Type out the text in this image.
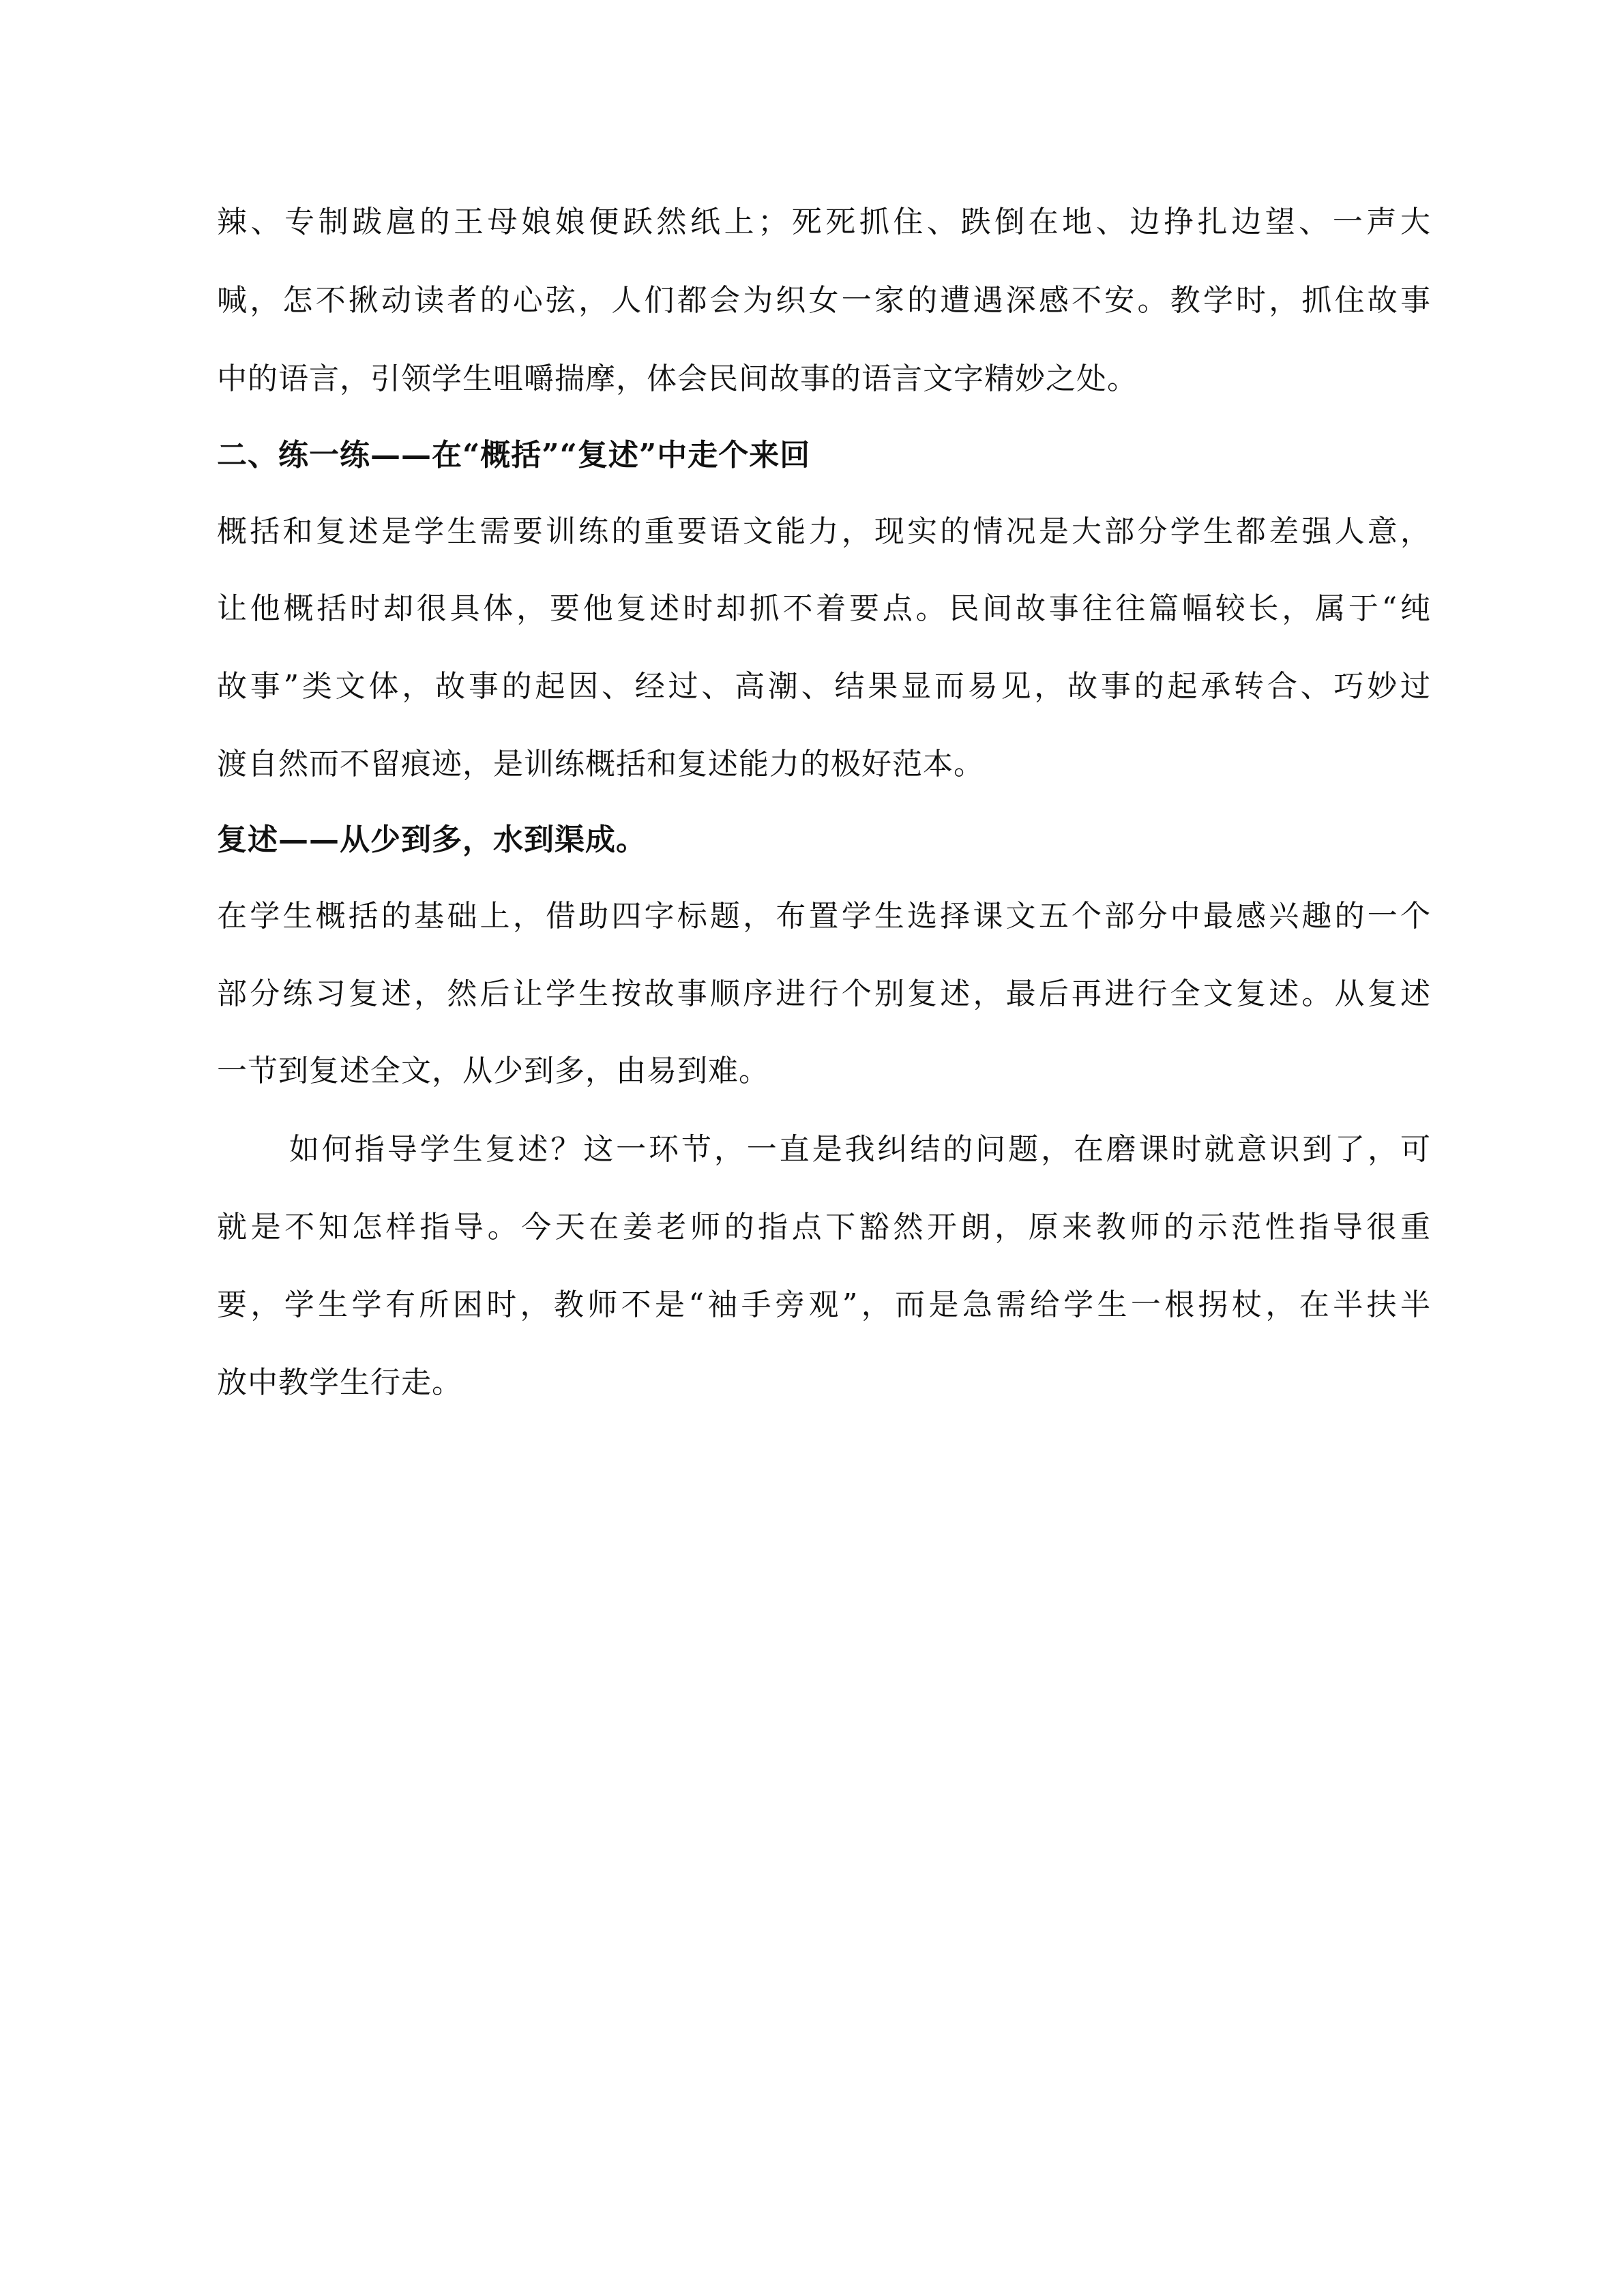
辣、专制跋扈的王母娘娘便跃然纸上；死死抓住、跌倒在地、边挣扎边望、一声大
喊，怎不揪动读者的心弦，人们都会为织女一家的遭遇深感不安。教学时，抓住故事
中的语言，引领学生咀嚼揣摩，体会民间故事的语言文字精妙之处。
二、练一练——在“概括”“复述”中走个来回
概括和复述是学生需要训练的重要语文能力，现实的情况是大部分学生都差强人意，
让他概括时却很具体，要他复述时却抓不着要点。民间故事往往篇幅较长，属于“纯
故事”类文体，故事的起因、经过、高潮、结果显而易见，故事的起承转合、巧妙过
渡自然而不留痕迹，是训练概括和复述能力的极好范本。
复述——从少到多，水到渠成。
在学生概括的基础上，借助四字标题，布置学生选择课文五个部分中最感兴趣的一个
部分练习复述，然后让学生按故事顺序进行个别复述，最后再进行全文复述。从复述
一节到复述全文，从少到多，由易到难。
如何指导学生复述？这一环节，一直是我纠结的问题，在磨课时就意识到了，可
就是不知怎样指导。今天在姜老师的指点下豁然开朗，原来教师的示范性指导很重
要，学生学有所困时，教师不是“袖手旁观”，而是急需给学生一根拐杖，在半扶半
放中教学生行走。
